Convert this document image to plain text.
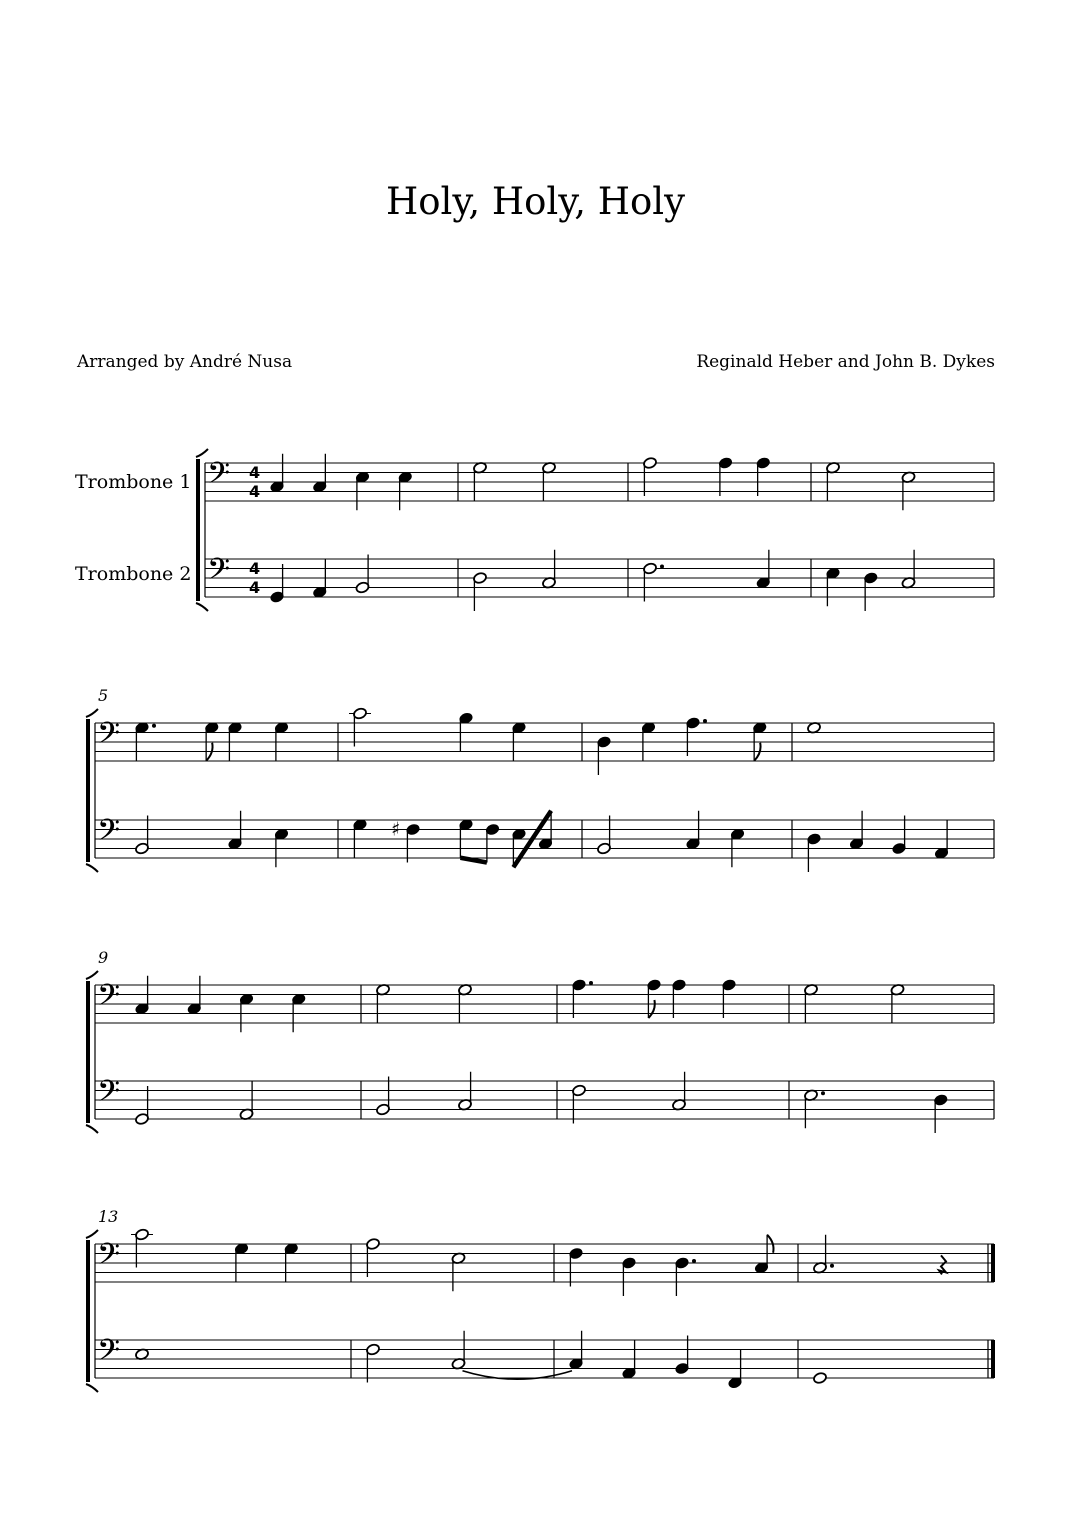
Holy, Holy, Holy
Arranged by André Nusa	Reginald Heber and John B. Dykes
𝄢
𝄢
4
4
4
4
Trombone 1
Trombone 2
𝄢
𝄢
5
♯
𝄢
𝄢
9
𝄢
𝄢
13
